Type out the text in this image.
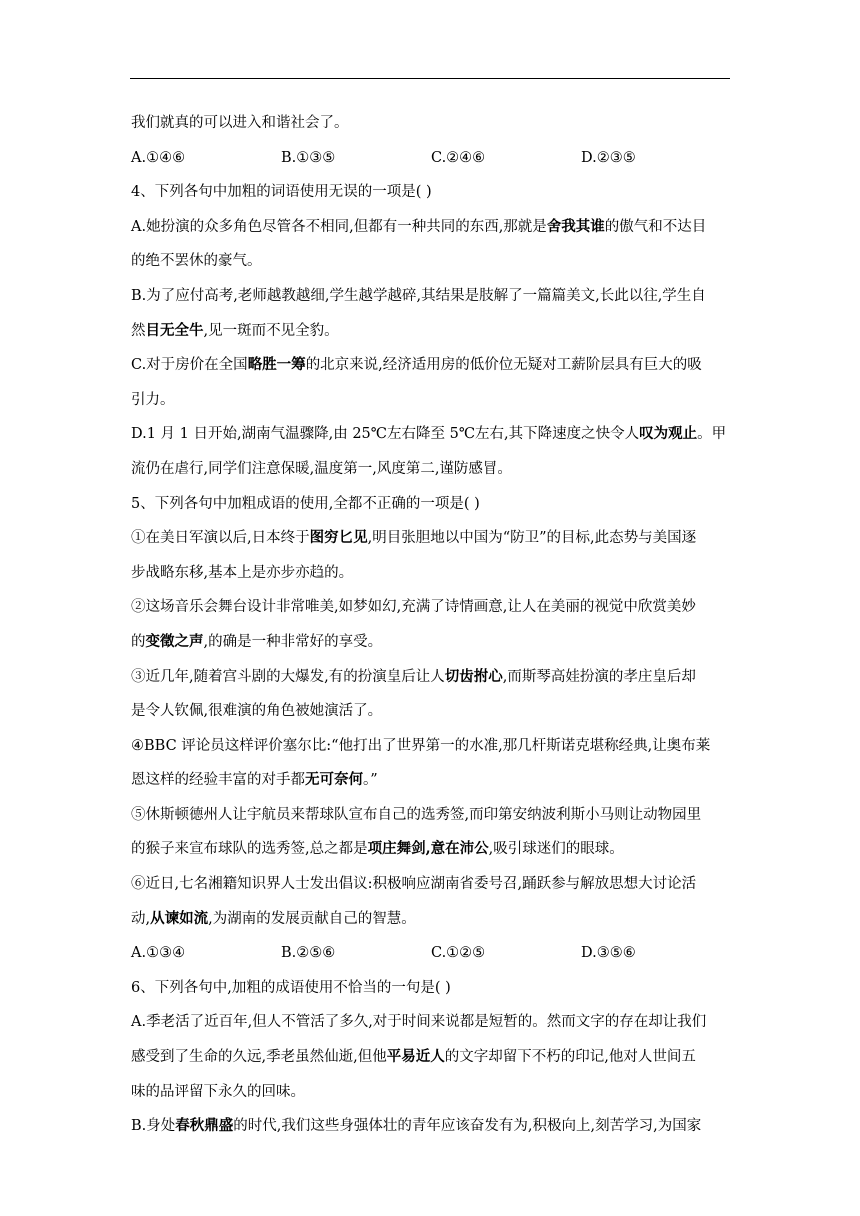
我们就真的可以进入和谐社会了。
A.①④⑥	B.①③⑤	C.②④⑥	D.②③⑤
4、下列各句中加粗的词语使用无误的一项是( )
A.她扮演的众多角色尽管各不相同,但都有一种共同的东西,那就是舍我其谁的傲气和不达目
的绝不罢休的豪气。
B.为了应付高考,老师越教越细,学生越学越碎,其结果是肢解了一篇篇美文,长此以往,学生自
然目无全牛,见一斑而不见全豹。
C.对于房价在全国略胜一筹的北京来说,经济适用房的低价位无疑对工薪阶层具有巨大的吸
引力。
D.1 月 1 日开始,湖南气温骤降,由 25℃左右降至 5℃左右,其下降速度之快令人叹为观止。甲
流仍在虐行,同学们注意保暖,温度第一,风度第二,谨防感冒。
5、下列各句中加粗成语的使用,全都不正确的一项是( )
①在美日军演以后,日本终于图穷匕见,明目张胆地以中国为“防卫”的目标,此态势与美国逐
步战略东移,基本上是亦步亦趋的。
②这场音乐会舞台设计非常唯美,如梦如幻,充满了诗情画意,让人在美丽的视觉中欣赏美妙
的变徵之声,的确是一种非常好的享受。
③近几年,随着宫斗剧的大爆发,有的扮演皇后让人切齿拊心,而斯琴高娃扮演的孝庄皇后却
是令人钦佩,很难演的角色被她演活了。
④BBC 评论员这样评价塞尔比:“他打出了世界第一的水准,那几杆斯诺克堪称经典,让奥布莱
恩这样的经验丰富的对手都无可奈何。”
⑤休斯顿德州人让宇航员来帮球队宣布自己的选秀签,而印第安纳波利斯小马则让动物园里
的猴子来宣布球队的选秀签,总之都是项庄舞剑,意在沛公,吸引球迷们的眼球。
⑥近日,七名湘籍知识界人士发出倡议:积极响应湖南省委号召,踊跃参与解放思想大讨论活
动,从谏如流,为湖南的发展贡献自己的智慧。
A.①③④	B.②⑤⑥	C.①②⑤	D.③⑤⑥
6、下列各句中,加粗的成语使用不恰当的一句是( )
A.季老活了近百年,但人不管活了多久,对于时间来说都是短暂的。然而文字的存在却让我们
感受到了生命的久远,季老虽然仙逝,但他平易近人的文字却留下不朽的印记,他对人世间五
味的品评留下永久的回味。
B.身处春秋鼎盛的时代,我们这些身强体壮的青年应该奋发有为,积极向上,刻苦学习,为国家
